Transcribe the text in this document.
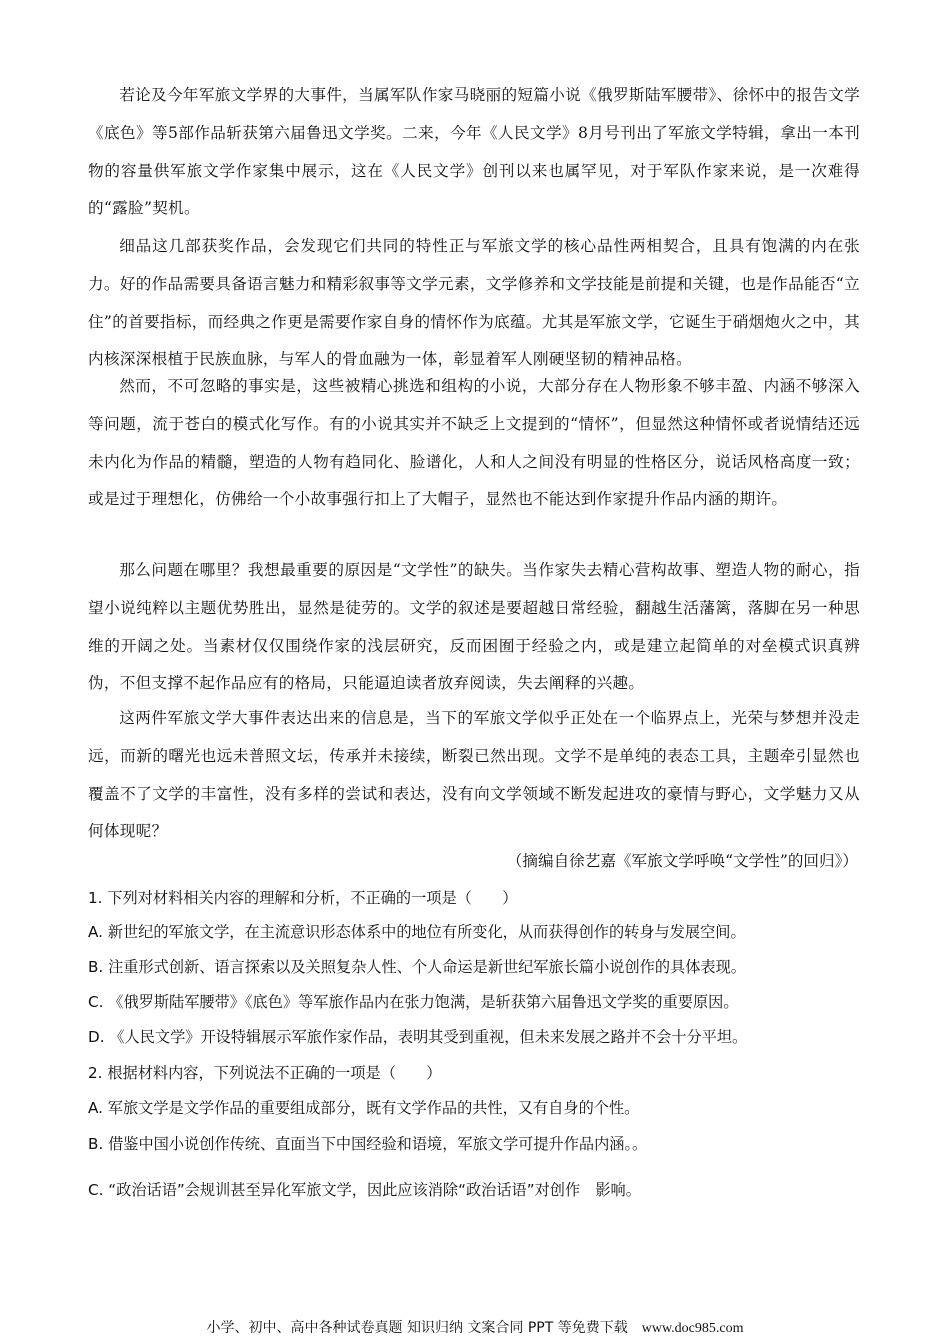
若论及今年军旅文学界的大事件，当属军队作家马晓丽的短篇小说《俄罗斯陆军腰带》、徐怀中的报告文学《底色》等5部作品斩获第六届鲁迅文学奖。二来，今年《人民文学》8月号刊出了军旅文学特辑，拿出一本刊物的容量供军旅文学作家集中展示，这在《人民文学》创刊以来也属罕见，对于军队作家来说，是一次难得的“露脸”契机。

细品这几部获奖作品，会发现它们共同的特性正与军旅文学的核心品性两相契合，且具有饱满的内在张力。好的作品需要具备语言魅力和精彩叙事等文学元素，文学修养和文学技能是前提和关键，也是作品能否“立住”的首要指标，而经典之作更是需要作家自身的情怀作为底蕴。尤其是军旅文学，它诞生于硝烟炮火之中，其内核深深根植于民族血脉，与军人的骨血融为一体，彰显着军人刚硬坚韧的精神品格。

然而，不可忽略的事实是，这些被精心挑选和组构的小说，大部分存在人物形象不够丰盈、内涵不够深入等问题，流于苍白的模式化写作。有的小说其实并不缺乏上文提到的“情怀”，但显然这种情怀或者说情结还远未内化为作品的精髓，塑造的人物有趋同化、脸谱化，人和人之间没有明显的性格区分，说话风格高度一致；或是过于理想化，仿佛给一个小故事强行扣上了大帽子，显然也不能达到作家提升作品内涵的期许。

那么问题在哪里？我想最重要的原因是“文学性”的缺失。当作家失去精心营构故事、塑造人物的耐心，指望小说纯粹以主题优势胜出，显然是徒劳的。文学的叙述是要超越日常经验，翻越生活藩篱，落脚在另一种思维的开阔之处。当素材仅仅围绕作家的浅层研究，反而困囿于经验之内，或是建立起简单的对垒模式识真辨伪，不但支撑不起作品应有的格局，只能逼迫读者放弃阅读，失去阐释的兴趣。

这两件军旅文学大事件表达出来的信息是，当下的军旅文学似乎正处在一个临界点上，光荣与梦想并没走远，而新的曙光也远未普照文坛，传承并未接续，断裂已然出现。文学不是单纯的表态工具，主题牵引显然也覆盖不了文学的丰富性，没有多样的尝试和表达，没有向文学领域不断发起进攻的豪情与野心，文学魅力又从何体现呢？

（摘编自徐艺嘉《军旅文学呼唤“文学性”的回归》）

1. 下列对材料相关内容的理解和分析，不正确的一项是（　　）

A. 新世纪的军旅文学，在主流意识形态体系中的地位有所变化，从而获得创作的转身与发展空间。

B. 注重形式创新、语言探索以及关照复杂人性、个人命运是新世纪军旅长篇小说创作的具体表现。

C. 《俄罗斯陆军腰带》《底色》等军旅作品内在张力饱满，是斩获第六届鲁迅文学奖的重要原因。

D. 《人民文学》开设特辑展示军旅作家作品，表明其受到重视，但未来发展之路并不会十分平坦。

2. 根据材料内容，下列说法不正确的一项是（　　）

A. 军旅文学是文学作品的重要组成部分，既有文学作品的共性，又有自身的个性。

B. 借鉴中国小说创作传统、直面当下中国经验和语境，军旅文学可提升作品内涵。。

C. “政治话语”会规训甚至异化军旅文学，因此应该消除“政治话语”对创作　影响。

小学、初中、高中各种试卷真题 知识归纳 文案合同 PPT 等免费下载 www.doc985.com
